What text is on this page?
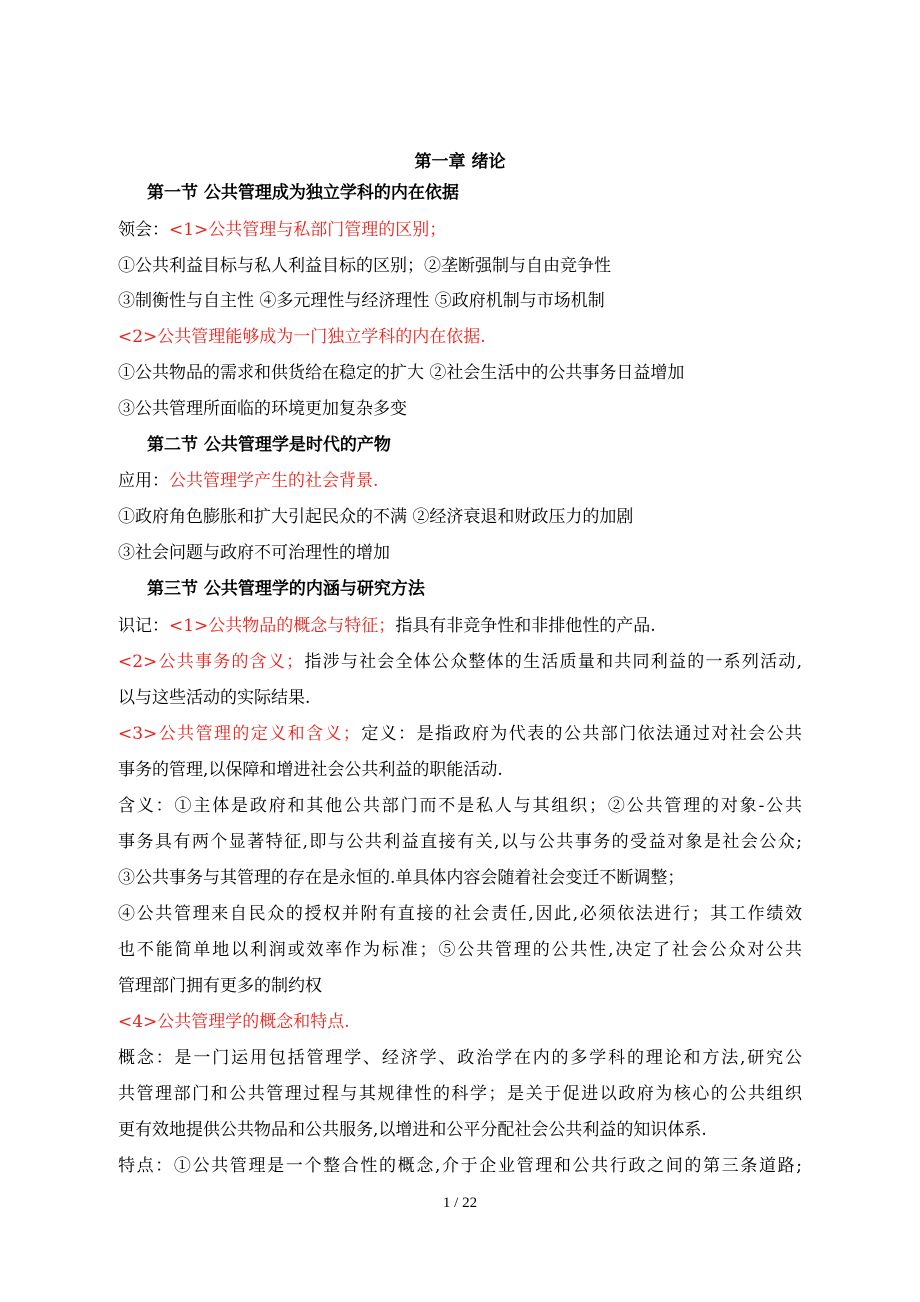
第一章 绪论
第一节 公共管理成为独立学科的内在依据
领会：<1>公共管理与私部门管理的区别；
①公共利益目标与私人利益目标的区别；②垄断强制与自由竞争性
③制衡性与自主性 ④多元理性与经济理性 ⑤政府机制与市场机制
<2>公共管理能够成为一门独立学科的内在依据.
①公共物品的需求和供货给在稳定的扩大 ②社会生活中的公共事务日益增加
③公共管理所面临的环境更加复杂多变
第二节 公共管理学是时代的产物
应用：公共管理学产生的社会背景.
①政府角色膨胀和扩大引起民众的不满 ②经济衰退和财政压力的加剧
③社会问题与政府不可治理性的增加
第三节 公共管理学的内涵与研究方法
识记：<1>公共物品的概念与特征；指具有非竞争性和非排他性的产品.
<2>公共事务的含义；指涉与社会全体公众整体的生活质量和共同利益的一系列活动,
以与这些活动的实际结果.
<3>公共管理的定义和含义；定义：是指政府为代表的公共部门依法通过对社会公共
事务的管理,以保障和增进社会公共利益的职能活动.
含义：①主体是政府和其他公共部门而不是私人与其组织；②公共管理的对象-公共
事务具有两个显著特征,即与公共利益直接有关,以与公共事务的受益对象是社会公众;
③公共事务与其管理的存在是永恒的.单具体内容会随着社会变迁不断调整；
④公共管理来自民众的授权并附有直接的社会责任,因此,必须依法进行；其工作绩效
也不能简单地以利润或效率作为标准；⑤公共管理的公共性,决定了社会公众对公共
管理部门拥有更多的制约权
<4>公共管理学的概念和特点.
概念：是一门运用包括管理学、经济学、政治学在内的多学科的理论和方法,研究公
共管理部门和公共管理过程与其规律性的科学；是关于促进以政府为核心的公共组织
更有效地提供公共物品和公共服务,以增进和公平分配社会公共利益的知识体系.
特点：①公共管理是一个整合性的概念,介于企业管理和公共行政之间的第三条道路;
1 / 22
